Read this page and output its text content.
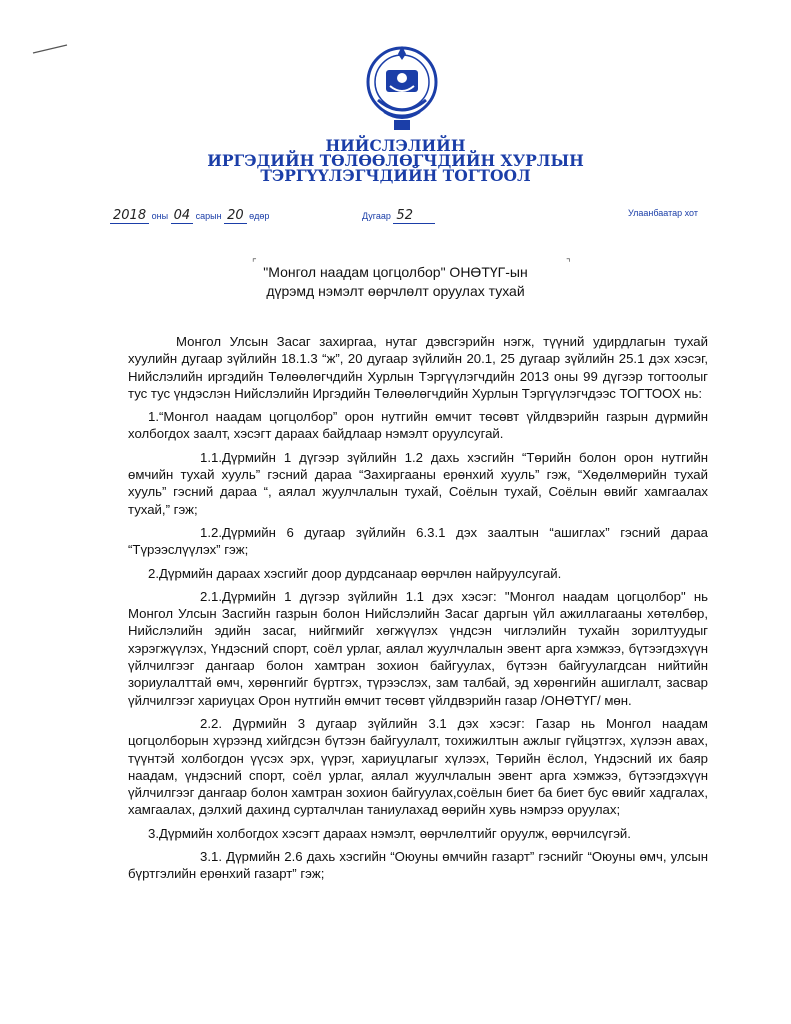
НИЙСЛЭЛИЙН
ИРГЭДИЙН ТӨЛӨӨЛӨГЧДИЙН ХУРЛЫН
ТЭРГҮҮЛЭГЧДИЙН ТОГТООЛ
2018 оны 04 сарын 20 өдөр	Дугаар 52	Улаанбаатар хот
⌜	⌝
"Монгол наадам цогцолбор" ОНӨТҮГ-ын
дүрэмд нэмэлт өөрчлөлт оруулах тухай

Монгол Улсын Засаг захиргаа, нутаг дэвсгэрийн нэгж, түүний удирдлагын тухай хуулийн дугаар зүйлийн 18.1.3 “ж”, 20 дугаар зүйлийн 20.1, 25 дугаар зүйлийн 25.1 дэх хэсэг, Нийслэлийн иргэдийн Төлөөлөгчдийн Хурлын Тэргүүлэгчдийн 2013 оны 99 дүгээр тогтоолыг тус тус үндэслэн Нийслэлийн Иргэдийн Төлөөлөгчдийн Хурлын Тэргүүлэгчдээс ТОГТООХ нь:

1.“Монгол наадам цогцолбор” орон нутгийн өмчит төсөвт үйлдвэрийн газрын дүрмийн холбогдох заалт, хэсэгт дараах байдлаар нэмэлт оруулсугай.

1.1.Дүрмийн 1 дүгээр зүйлийн 1.2 дахь хэсгийн “Төрийн болон орон нутгийн өмчийн тухай хууль” гэсний дараа “Захиргааны ерөнхий хууль” гэж, “Хөдөлмөрийн тухай хууль” гэсний дараа “, аялал жуулчлалын тухай, Соёлын тухай, Соёлын өвийг хамгаалах тухай,” гэж;

1.2.Дүрмийн 6 дугаар зүйлийн 6.3.1 дэх заалтын “ашиглах” гэсний дараа “Түрээслүүлэх” гэж;

2.Дүрмийн дараах хэсгийг доор дурдсанаар өөрчлөн найруулсугай.

2.1.Дүрмийн 1 дүгээр зүйлийн 1.1 дэх хэсэг: "Монгол наадам цогцолбор" нь Монгол Улсын Засгийн газрын болон Нийслэлийн Засаг даргын үйл ажиллагааны хөтөлбөр, Нийслэлийн эдийн засаг, нийгмийг хөгжүүлэх үндсэн чиглэлийн тухайн зорилтуудыг хэрэгжүүлэх, Үндэсний спорт, соёл урлаг, аялал жуулчлалын эвент арга хэмжээ, бүтээгдэхүүн үйлчилгээг дангаар болон хамтран зохион байгуулах, бүтээн байгуулагдсан нийтийн зориулалттай өмч, хөрөнгийг бүртгэх, түрээслэх, зам талбай, эд хөрөнгийн ашиглалт, засвар үйлчилгээг хариуцах Орон нутгийн өмчит төсөвт үйлдвэрийн газар /ОНӨТҮГ/ мөн.

2.2. Дүрмийн 3 дугаар зүйлийн 3.1 дэх хэсэг: Газар нь Монгол наадам цогцолборын хүрээнд хийгдсэн бүтээн байгуулалт, тохижилтын ажлыг гүйцэтгэх, хүлээн авах, түүнтэй холбогдон үүсэх эрх, үүрэг, хариуцлагыг хүлээх, Төрийн ёслол, Үндэсний их баяр наадам, үндэсний спорт, соёл урлаг, аялал жуулчлалын эвент арга хэмжээ, бүтээгдэхүүн үйлчилгээг дангаар болон хамтран зохион байгуулах,соёлын биет ба биет бус өвийг хадгалах, хамгаалах, дэлхий дахинд сурталчлан таниулахад өөрийн хувь нэмрээ оруулах;

3.Дүрмийн холбогдох хэсэгт дараах нэмэлт, өөрчлөлтийг оруулж, өөрчилсүгэй.

3.1. Дүрмийн 2.6 дахь хэсгийн “Оюуны өмчийн газарт” гэснийг “Оюуны өмч, улсын бүртгэлийн ерөнхий газарт” гэж;
